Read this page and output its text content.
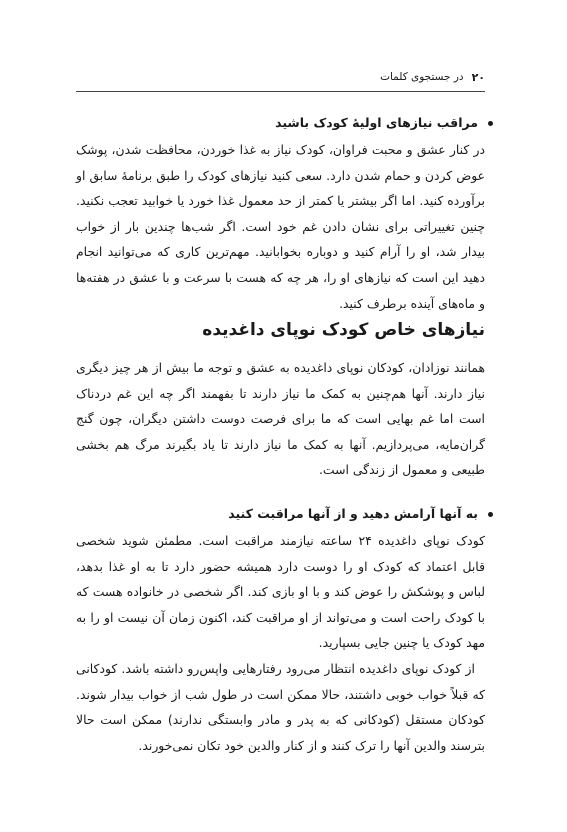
۲۰
در جستجوی کلمات
مراقب نیازهای اولیهٔ کودک باشید

در کنار عشق و محبت فراوان، کودک نیاز به غذا خوردن، محافظت شدن، پوشک عوض کردن و حمام شدن دارد. سعی کنید نیازهای کودک را طبق برنامهٔ سابق او برآورده کنید. اما اگر بیشتر یا کمتر از حد معمول غذا خورد یا خوابید تعجب نکنید. چنین تغییراتی برای نشان دادن غم خود است. اگر شب‌ها چندین بار از خواب بیدار شد، او را آرام کنید و دوباره بخوابانید. مهم‌ترین کاری که می‌توانید انجام دهید این است که نیازهای او را، هر چه که هست با سرعت و با عشق در هفته‌ها و ماه‌های آینده برطرف کنید.

نیازهای خاص کودک نوپای داغدیده

همانند نوزادان، کودکان نوپای داغدیده به عشق و توجه ما بیش از هر چیز دیگری نیاز دارند. آنها هم‌چنین به کمک ما نیاز دارند تا بفهمند اگر چه این غم دردناک است اما غم بهایی است که ما برای فرصت دوست داشتن دیگران، چون گنج گران‌مایه، می‌پردازیم. آنها به کمک ما نیاز دارند تا یاد بگیرند مرگ هم بخشی طبیعی و معمول از زندگی است.

به آنها آرامش دهید و از آنها مراقبت کنید

کودک نوپای داغدیده ۲۴ ساعته نیازمند مراقبت است. مطمئن شوید شخصی قابل اعتماد که کودک او را دوست دارد همیشه حضور دارد تا به او غذا بدهد، لباس و پوشکش را عوض کند و با او بازی کند. اگر شخصی در خانواده هست که با کودک راحت است و می‌تواند از او مراقبت کند، اکنون زمان آن نیست او را به مهد کودک یا چنین جایی بسپارید.

از کودک نوپای داغدیده انتظار می‌رود رفتارهایی واپس‌رو داشته باشد. کودکانی که قبلاً خواب خوبی داشتند، حالا ممکن است در طول شب از خواب بیدار شوند. کودکان مستقل (کودکانی که به پدر و مادر وابستگی ندارند) ممکن است حالا بترسند والدین آنها را ترک کنند و از کنار والدین خود تکان نمی‌خورند.
